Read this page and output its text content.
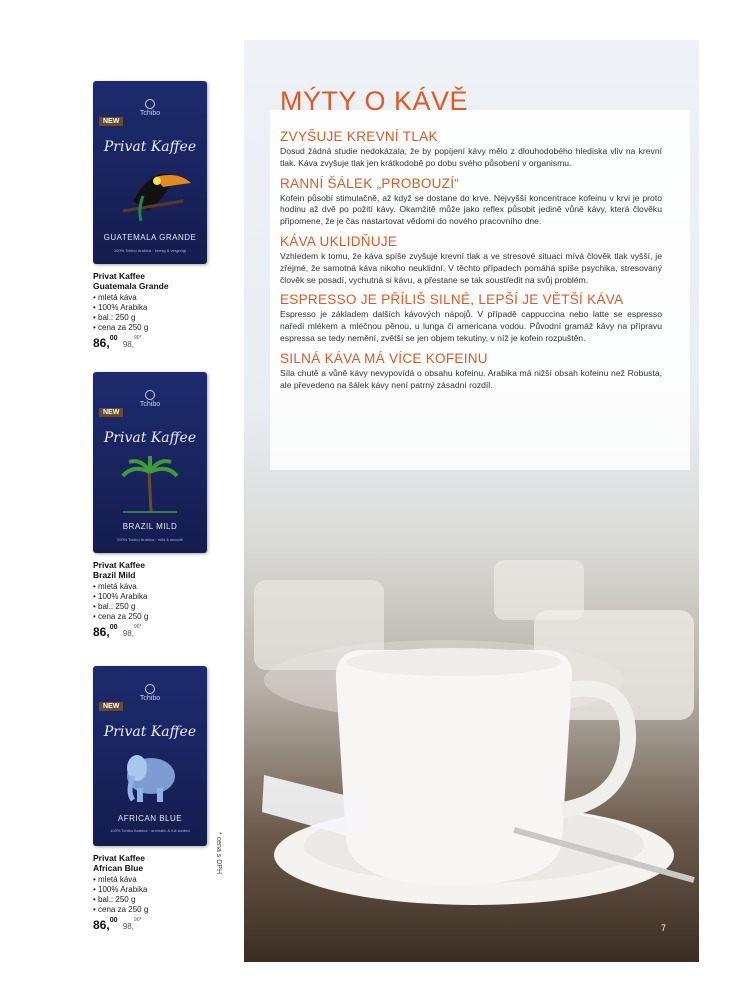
Tchibo
NEW
Privat Kaffee
GUATEMALA GRANDE
100% Tchibo Arabica · kernig & vergnügt
Privat Kaffee
Guatemala Grande
• mletá káva
• 100% Arabika
• bal.: 250 g
• cena za 250 g
86,00 98,$^{90*}$
Tchibo
NEW
Privat Kaffee
BRAZIL MILD
100% Tchibo Arabica · mild & smooth
Privat Kaffee
Brazil Mild
• mletá káva
• 100% Arabika
• bal.: 250 g
• cena za 250 g
86,00 98,$^{90*}$
Tchibo
NEW
Privat Kaffee
AFRICAN BLUE
100% Tchibo Arabica · aromatic & full-bodied
Privat Kaffee
African Blue
• mletá káva
• 100% Arabika
• bal.: 250 g
• cena za 250 g
86,00 98,$^{90*}$
* cena s DPH
MÝTY O KÁVĚ
ZVYŠUJE KREVNÍ TLAK

Dosud žádná studie nedokázala, že by popíjení kávy mělo z dlouhodobého hlediska vliv na krevní tlak. Káva zvyšuje tlak jen krátkodobě po dobu svého působení v organismu.

RANNÍ ŠÁLEK „PROBOUZÍ“

Kofein působí stimulačně, až když se dostane do krve. Nejvyšší koncentrace kofeinu v krvi je proto hodinu až dvě po požití kávy. Okamžitě může jako reflex působit jedině vůně kávy, která člověku připomene, že je čas nastartovat vědomí do nového pracovního dne.

KÁVA UKLIDŇUJE

Vzhledem k tomu, že káva spíše zvyšuje krevní tlak a ve stresové situaci mívá člověk tlak vyšší, je zřejmé, že samotná káva nikoho neuklidní. V těchto případech pomáhá spíše psychika, stresovaný člověk se posadí, vychutná si kávu, a přestane se tak soustředit na svůj problém.

ESPRESSO JE PŘÍLIŠ SILNÉ, LEPŠÍ JE VĚTŠÍ KÁVA

Espresso je základem dalších kávových nápojů. V případě cappuccina nebo latte se espresso naředí mlékem a mléčnou pěnou, u lunga či americana vodou. Původní gramáž kávy na přípravu espressa se tedy nemění, zvětší se jen objem tekutiny, v níž je kofein rozpuštěn.

SILNÁ KÁVA MÁ VÍCE KOFEINU

Síla chutě a vůně kávy nevypovídá o obsahu kofeinu. Arabika má nižší obsah kofeinu než Robusta, ale převedeno na šálek kávy není patrný zásadní rozdíl.

7
